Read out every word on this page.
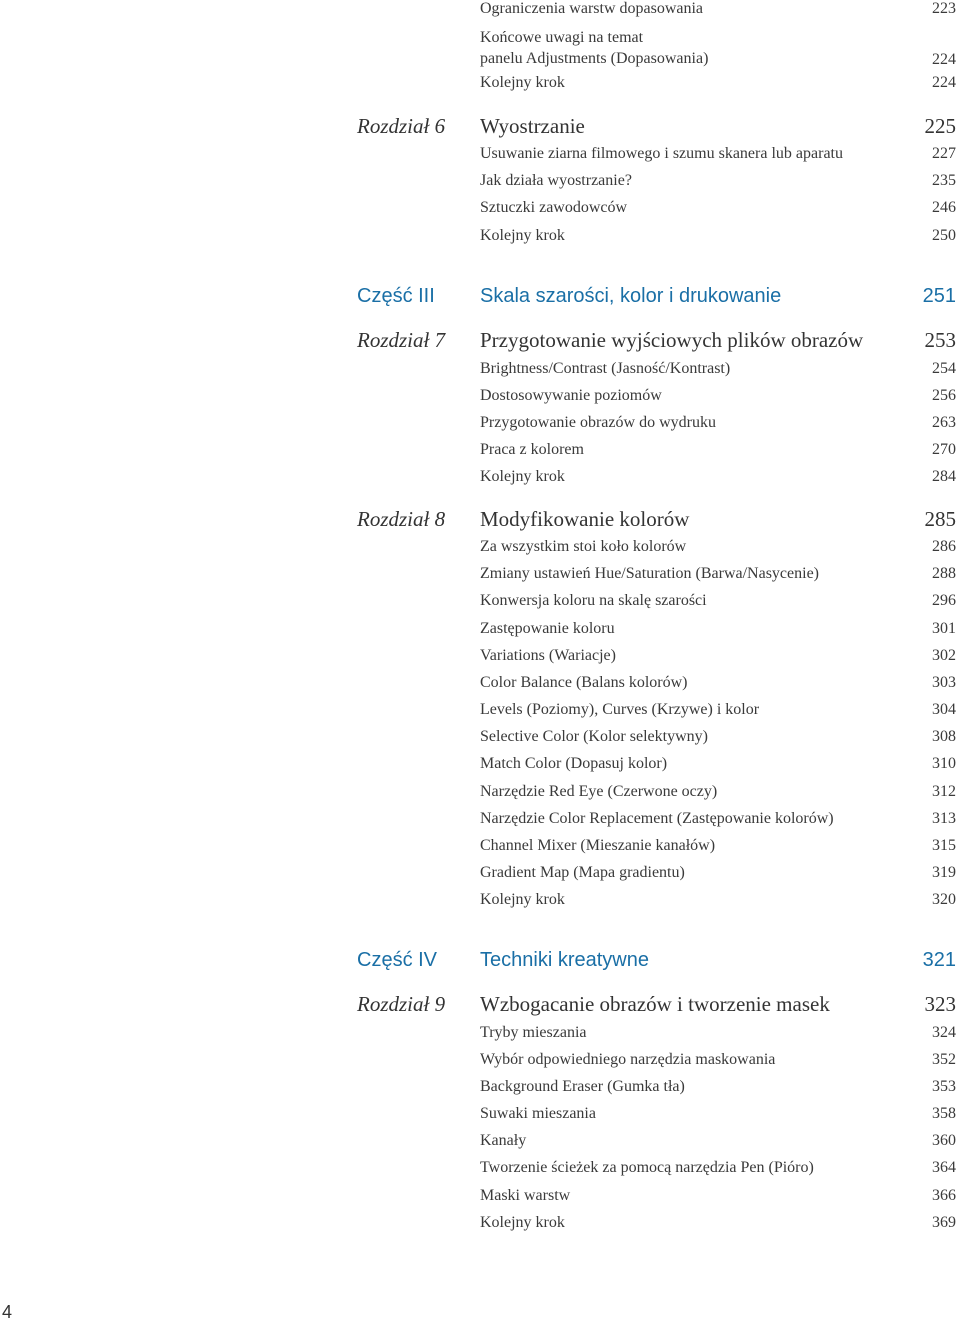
Ograniczenia warstw dopasowania	223
Końcowe uwagi na temat
panelu Adjustments (Dopasowania)	224
Kolejny krok	224
Rozdział 6 Wyostrzanie	225
Usuwanie ziarna filmowego i szumu skanera lub aparatu	227
Jak działa wyostrzanie?	235
Sztuczki zawodowców	246
Kolejny krok	250
Część III Skala szarości, kolor i drukowanie	251
Rozdział 7 Przygotowanie wyjściowych plików obrazów	253
Brightness/Contrast (Jasność/Kontrast)	254
Dostosowywanie poziomów	256
Przygotowanie obrazów do wydruku	263
Praca z kolorem	270
Kolejny krok	284
Rozdział 8 Modyfikowanie kolorów	285
Za wszystkim stoi koło kolorów	286
Zmiany ustawień Hue/Saturation (Barwa/Nasycenie)	288
Konwersja koloru na skalę szarości	296
Zastępowanie koloru	301
Variations (Wariacje)	302
Color Balance (Balans kolorów)	303
Levels (Poziomy), Curves (Krzywe) i kolor	304
Selective Color (Kolor selektywny)	308
Match Color (Dopasuj kolor)	310
Narzędzie Red Eye (Czerwone oczy)	312
Narzędzie Color Replacement (Zastępowanie kolorów)	313
Channel Mixer (Mieszanie kanałów)	315
Gradient Map (Mapa gradientu)	319
Kolejny krok	320
Część IV Techniki kreatywne	321
Rozdział 9 Wzbogacanie obrazów i tworzenie masek	323
Tryby mieszania	324
Wybór odpowiedniego narzędzia maskowania	352
Background Eraser (Gumka tła)	353
Suwaki mieszania	358
Kanały	360
Tworzenie ścieżek za pomocą narzędzia Pen (Pióro)	364
Maski warstw	366
Kolejny krok	369
4
